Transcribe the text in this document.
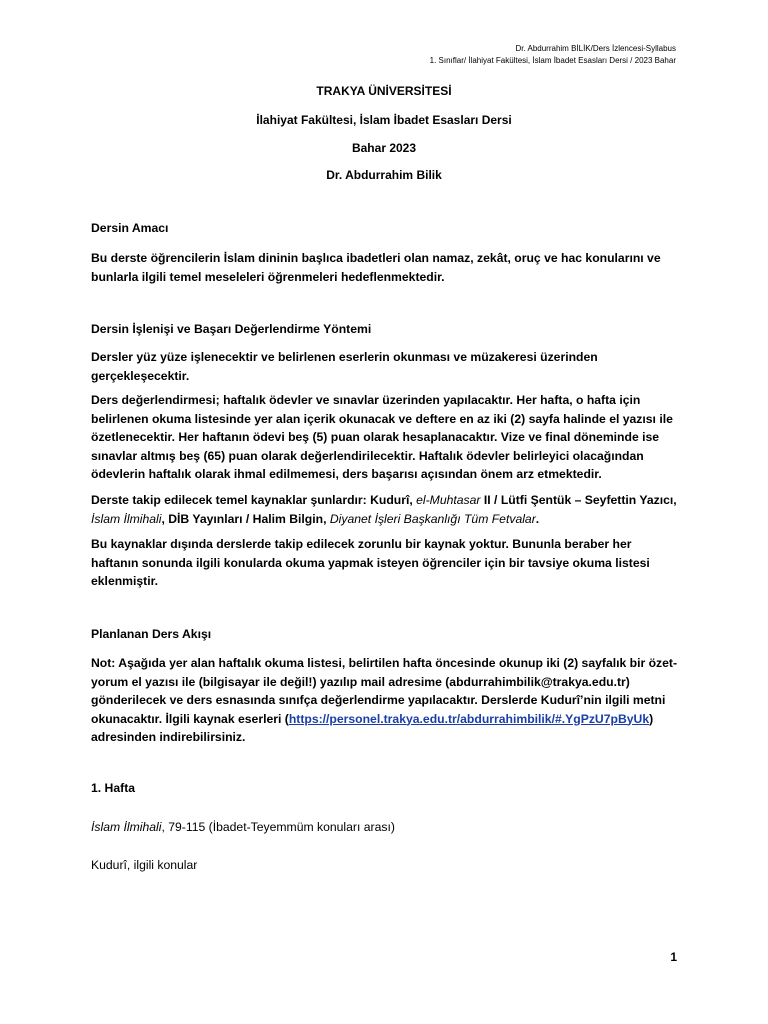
Dr. Abdurrahim BİLİK/Ders İzlencesi-Syllabus
1. Sınıflar/ İlahiyat Fakültesi, İslam İbadet Esasları Dersi / 2023 Bahar
TRAKYA ÜNİVERSİTESİ
İlahiyat Fakültesi, İslam İbadet Esasları Dersi
Bahar 2023
Dr. Abdurrahim Bilik
Dersin Amacı

Bu derste öğrencilerin İslam dininin başlıca ibadetleri olan namaz, zekât, oruç ve hac konularını ve bunlarla ilgili temel meseleleri öğrenmeleri hedeflenmektedir.

Dersin İşlenişi ve Başarı Değerlendirme Yöntemi

Dersler yüz yüze işlenecektir ve belirlenen eserlerin okunması ve müzakeresi üzerinden gerçekleşecektir.

Ders değerlendirmesi; haftalık ödevler ve sınavlar üzerinden yapılacaktır. Her hafta, o hafta için belirlenen okuma listesinde yer alan içerik okunacak ve deftere en az iki (2) sayfa halinde el yazısı ile özetlenecektir. Her haftanın ödevi beş (5) puan olarak hesaplanacaktır. Vize ve final döneminde ise sınavlar altmış beş (65) puan olarak değerlendirilecektir. Haftalık ödevler belirleyici olacağından ödevlerin haftalık olarak ihmal edilmemesi, ders başarısı açısından önem arz etmektedir.

Derste takip edilecek temel kaynaklar şunlardır: Kudurî, el-Muhtasar II / Lütfi Şentük – Seyfettin Yazıcı, İslam İlmihali, DİB Yayınları / Halim Bilgin, Diyanet İşleri Başkanlığı Tüm Fetvalar.

Bu kaynaklar dışında derslerde takip edilecek zorunlu bir kaynak yoktur. Bununla beraber her haftanın sonunda ilgili konularda okuma yapmak isteyen öğrenciler için bir tavsiye okuma listesi eklenmiştir.

Planlanan Ders Akışı

Not: Aşağıda yer alan haftalık okuma listesi, belirtilen hafta öncesinde okunup iki (2) sayfalık bir özet-yorum el yazısı ile (bilgisayar ile değil!) yazılıp mail adresime (abdurrahimbilik@trakya.edu.tr) gönderilecek ve ders esnasında sınıfça değerlendirme yapılacaktır. Derslerde Kudurî’nin ilgili metni okunacaktır. İlgili kaynak eserleri (https://personel.trakya.edu.tr/abdurrahimbilik/#.YgPzU7pByUk) adresinden indirebilirsiniz.

1. Hafta

İslam İlmihali, 79-115 (İbadet-Teyemmüm konuları arası)

Kudurî, ilgili konular

1
